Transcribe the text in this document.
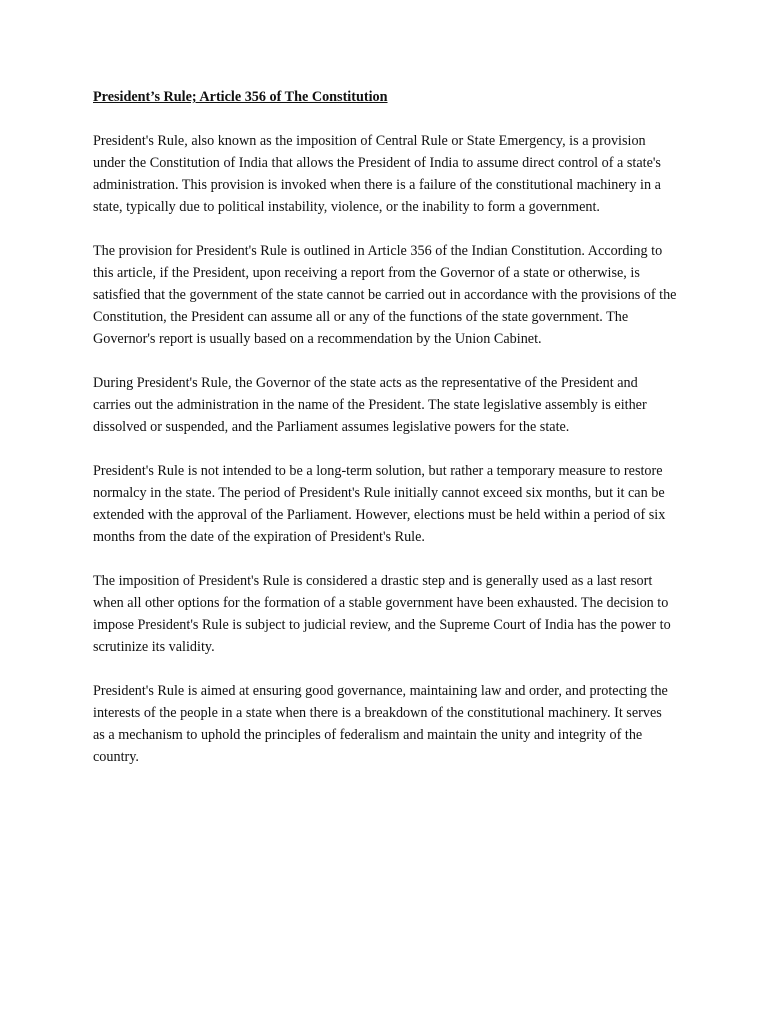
President’s Rule; Article 356 of The Constitution

President's Rule, also known as the imposition of Central Rule or State Emergency, is a provision under the Constitution of India that allows the President of India to assume direct control of a state's administration. This provision is invoked when there is a failure of the constitutional machinery in a state, typically due to political instability, violence, or the inability to form a government.

The provision for President's Rule is outlined in Article 356 of the Indian Constitution. According to this article, if the President, upon receiving a report from the Governor of a state or otherwise, is satisfied that the government of the state cannot be carried out in accordance with the provisions of the Constitution, the President can assume all or any of the functions of the state government. The Governor's report is usually based on a recommendation by the Union Cabinet.

During President's Rule, the Governor of the state acts as the representative of the President and carries out the administration in the name of the President. The state legislative assembly is either dissolved or suspended, and the Parliament assumes legislative powers for the state.

President's Rule is not intended to be a long-term solution, but rather a temporary measure to restore normalcy in the state. The period of President's Rule initially cannot exceed six months, but it can be extended with the approval of the Parliament. However, elections must be held within a period of six months from the date of the expiration of President's Rule.

The imposition of President's Rule is considered a drastic step and is generally used as a last resort when all other options for the formation of a stable government have been exhausted. The decision to impose President's Rule is subject to judicial review, and the Supreme Court of India has the power to scrutinize its validity.

President's Rule is aimed at ensuring good governance, maintaining law and order, and protecting the interests of the people in a state when there is a breakdown of the constitutional machinery. It serves as a mechanism to uphold the principles of federalism and maintain the unity and integrity of the country.
